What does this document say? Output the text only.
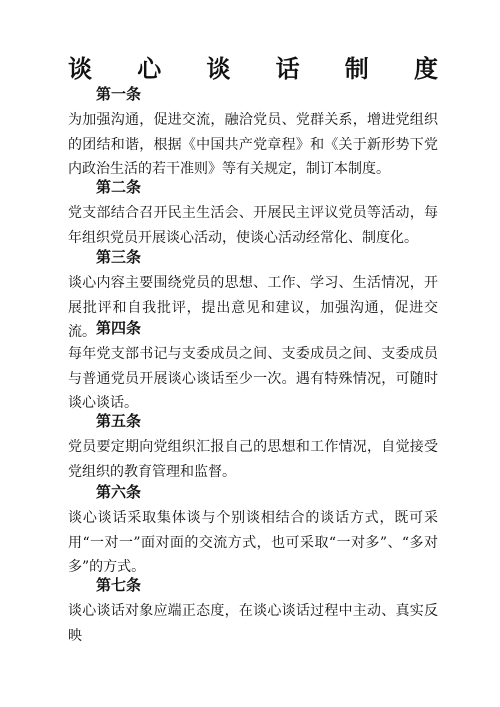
谈 心 谈 话 制 度

第一条

为加强沟通，促进交流，融洽党员、党群关系，增进党组织的团结和谐，根据《中国共产党章程》和《关于新形势下党内政治生活的若干准则》等有关规定，制订本制度。

第二条

党支部结合召开民主生活会、开展民主评议党员等活动，每年组织党员开展谈心活动，使谈心活动经常化、制度化。

第三条

谈心内容主要围绕党员的思想、工作、学习、生活情况，开展批评和自我批评，提出意见和建议，加强沟通，促进交流。 第四条

每年党支部书记与支委成员之间、支委成员之间、支委成员与普通党员开展谈心谈话至少一次。遇有特殊情况，可随时谈心谈话。

第五条

党员要定期向党组织汇报自己的思想和工作情况，自觉接受党组织的教育管理和监督。

第六条

谈心谈话采取集体谈与个别谈相结合的谈话方式，既可采用“一对一”面对面的交流方式，也可采取“一对多”、“多对多”的方式。

第七条

谈心谈话对象应端正态度，在谈心谈话过程中主动、真实反映
